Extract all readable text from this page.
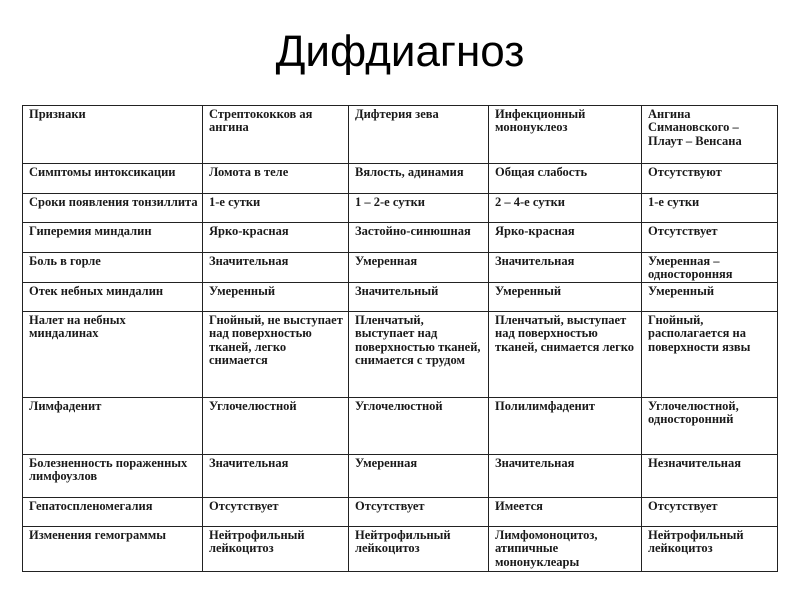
Дифдиагноз
Признаки	Стрептококков ая ангина	Дифтерия зева	Инфекционный мононуклеоз	Ангина Симановского – Плаут – Венсана
Симптомы интоксикации	Ломота в теле	Вялость, адинамия	Общая слабость	Отсутствуют
Сроки появления тонзиллита	1-е сутки	1 – 2-е сутки	2 – 4-е сутки	1-е сутки
Гиперемия миндалин	Ярко-красная	Застойно-синюшная	Ярко-красная	Отсутствует
Боль в горле	Значительная	Умеренная	Значительная	Умеренная – односторонняя
Отек небных миндалин	Умеренный	Значительный	Умеренный	Умеренный
Налет на небных миндалинах	Гнойный, не выступает над поверхностью тканей, легко снимается	Пленчатый, выступает над поверхностью тканей, снимается с трудом	Пленчатый, выступает над поверхностью тканей, снимается легко	Гнойный, располагается на поверхности язвы
Лимфаденит	Углочелюстной	Углочелюстной	Полилимфаденит	Углочелюстной, односторонний
Болезненность пораженных лимфоузлов	Значительная	Умеренная	Значительная	Незначительная
Гепатоспленомегалия	Отсутствует	Отсутствует	Имеется	Отсутствует
Изменения гемограммы	Нейтрофильный лейкоцитоз	Нейтрофильный лейкоцитоз	Лимфомоноцитоз, атипичные мононуклеары	Нейтрофильный лейкоцитоз
